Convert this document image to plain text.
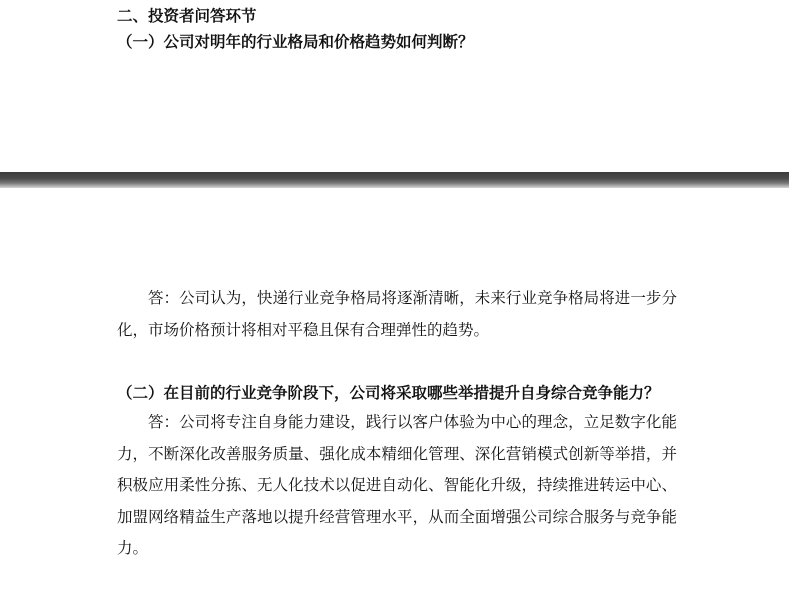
二、投资者问答环节
（一）公司对明年的行业格局和价格趋势如何判断？

答：公司认为，快递行业竞争格局将逐渐清晰，未来行业竞争格局将进一步分化，市场价格预计将相对平稳且保有合理弹性的趋势。

（二）在目前的行业竞争阶段下，公司将采取哪些举措提升自身综合竞争能力？

答：公司将专注自身能力建设，践行以客户体验为中心的理念，立足数字化能力，不断深化改善服务质量、强化成本精细化管理、深化营销模式创新等举措，并积极应用柔性分拣、无人化技术以促进自动化、智能化升级，持续推进转运中心、加盟网络精益生产落地以提升经营管理水平，从而全面增强公司综合服务与竞争能力。
